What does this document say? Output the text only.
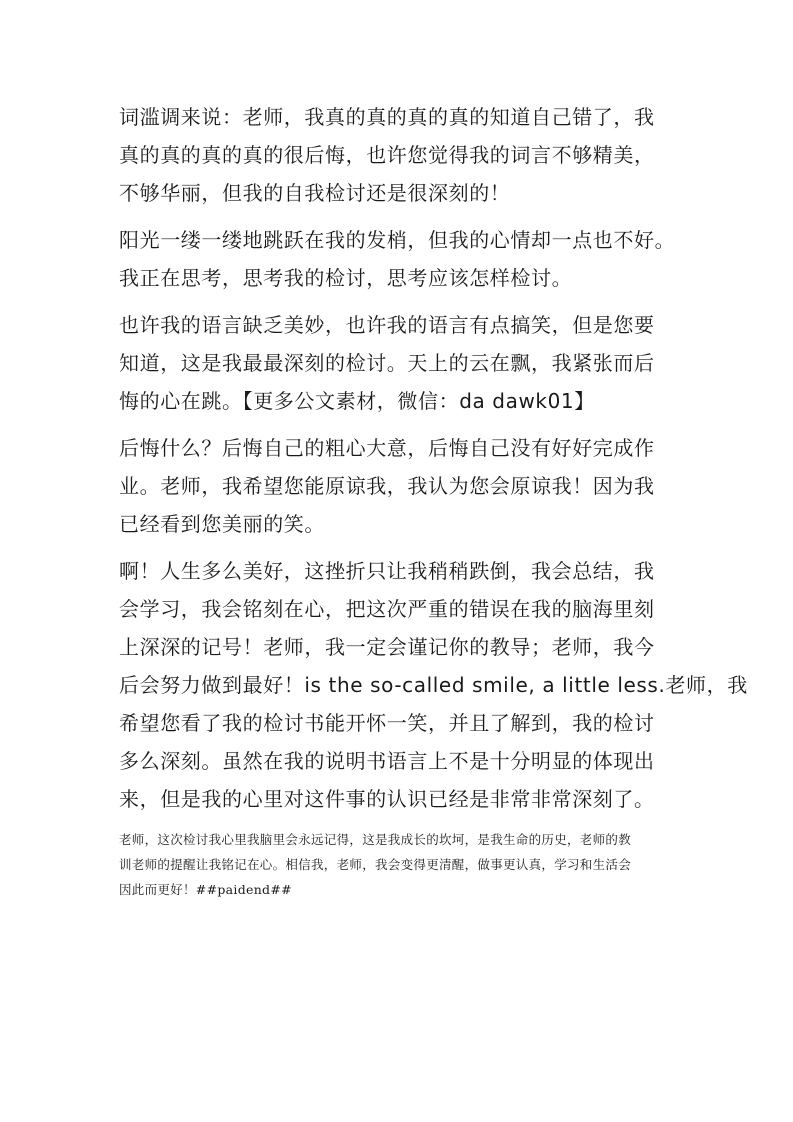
词滥调来说：老师，我真的真的真的真的知道自己错了，我
真的真的真的真的很后悔，也许您觉得我的词言不够精美，
不够华丽，但我的自我检讨还是很深刻的！
阳光一缕一缕地跳跃在我的发梢，但我的心情却一点也不好。
我正在思考，思考我的检讨，思考应该怎样检讨。
也许我的语言缺乏美妙，也许我的语言有点搞笑，但是您要
知道，这是我最最深刻的检讨。天上的云在飘，我紧张而后
悔的心在跳。【更多公文素材，微信：da dawk01】
后悔什么？后悔自己的粗心大意，后悔自己没有好好完成作
业。老师，我希望您能原谅我，我认为您会原谅我！因为我
已经看到您美丽的笑。
啊！人生多么美好，这挫折只让我稍稍跌倒，我会总结，我
会学习，我会铭刻在心，把这次严重的错误在我的脑海里刻
上深深的记号！老师，我一定会谨记你的教导；老师，我今
后会努力做到最好！is the so-called smile, a little less.老师，我
希望您看了我的检讨书能开怀一笑，并且了解到，我的检讨
多么深刻。虽然在我的说明书语言上不是十分明显的体现出
来，但是我的心里对这件事的认识已经是非常非常深刻了。
老师，这次检讨我心里我脑里会永远记得，这是我成长的坎坷，是我生命的历史，老师的教
训老师的提醒让我铭记在心。相信我，老师，我会变得更清醒，做事更认真，学习和生活会
因此而更好！##paidend##
